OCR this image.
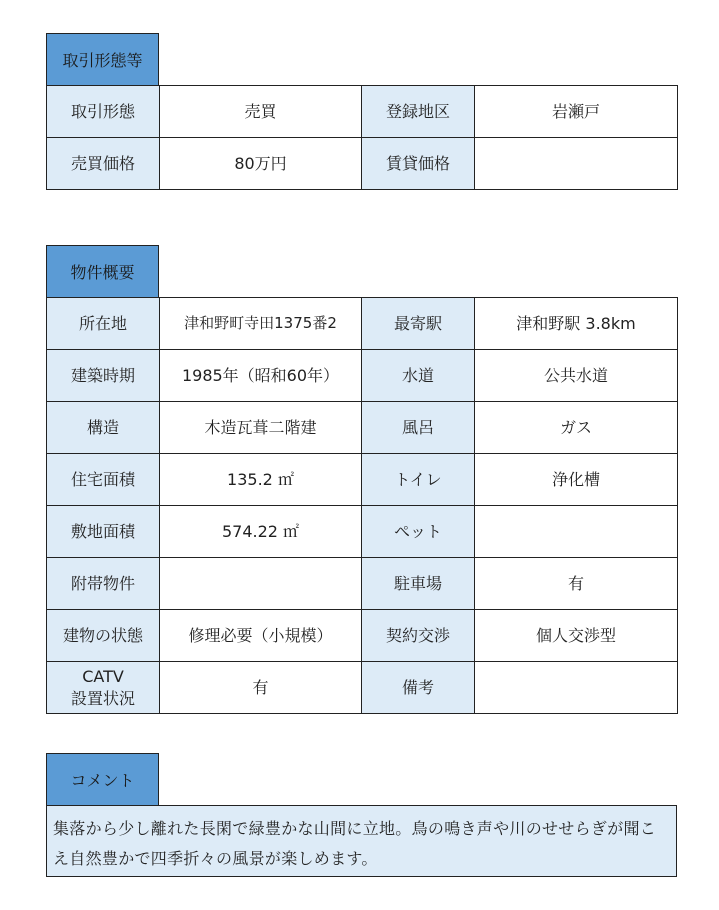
取引形態等
取引形態	売買	登録地区	岩瀬戸
売買価格	80万円	賃貸価格	
物件概要
所在地	津和野町寺田1375番2	最寄駅	津和野駅 3.8km
建築時期	1985年（昭和60年）	水道	公共水道
構造	木造瓦葺二階建	風呂	ガス
住宅面積	135.2 ㎡	トイレ	浄化槽
敷地面積	574.22 ㎡	ペット	
附帯物件		駐車場	有
建物の状態	修理必要（小規模）	契約交渉	個人交渉型
CATV
設置状況	有	備考	
コメント
集落から少し離れた長閑で緑豊かな山間に立地。鳥の鳴き声や川のせせらぎが聞こえ自然豊かで四季折々の風景が楽しめます。
